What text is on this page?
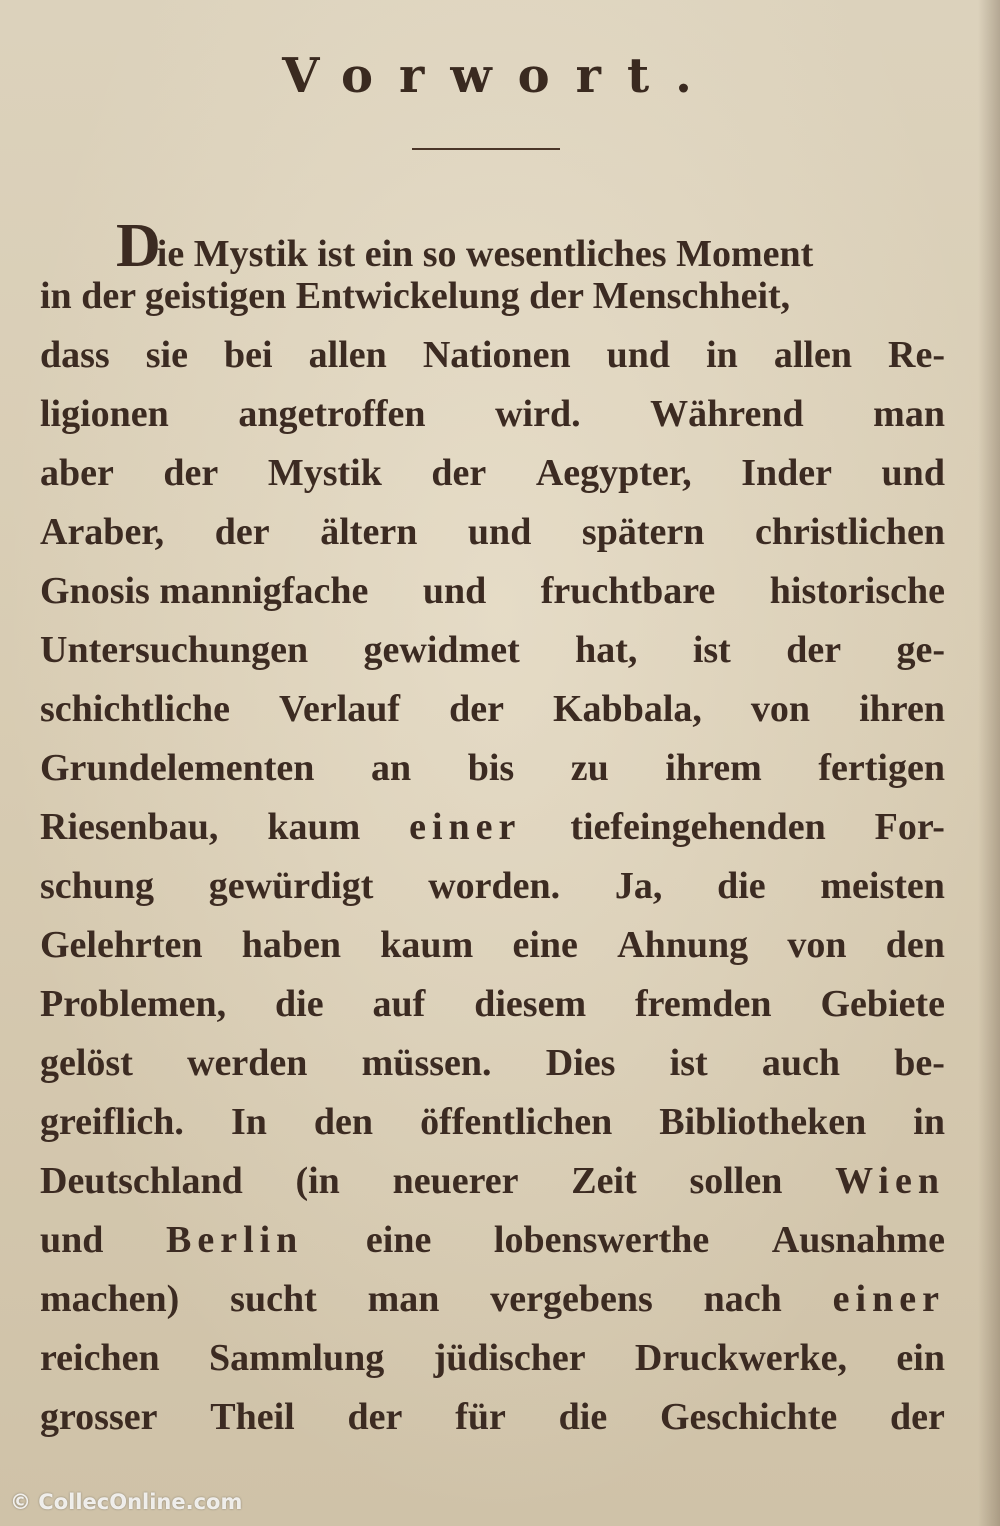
Vorwort.
Die Mystik ist ein so wesentliches Moment
in der geistigen Entwickelung der Menschheit,
dass sie bei allen Nationen und in allen Re-
ligionen angetroffen wird. Während man
aber der Mystik der Aegypter, Inder und
Araber, der ältern und spätern christlichen
Gnosis mannigfache und fruchtbare historische
Untersuchungen gewidmet hat, ist der ge-
schichtliche Verlauf der Kabbala, von ihren
Grundelementen an bis zu ihrem fertigen
Riesenbau, kaum einer tiefeingehenden For-
schung gewürdigt worden. Ja, die meisten
Gelehrten haben kaum eine Ahnung von den
Problemen, die auf diesem fremden Gebiete
gelöst werden müssen. Dies ist auch be-
greiflich. In den öffentlichen Bibliotheken in
Deutschland (in neuerer Zeit sollen Wien
und Berlin eine lobenswerthe Ausnahme
machen) sucht man vergebens nach einer
reichen Sammlung jüdischer Druckwerke, ein
grosser Theil der für die Geschichte der
© CollecOnline.com
